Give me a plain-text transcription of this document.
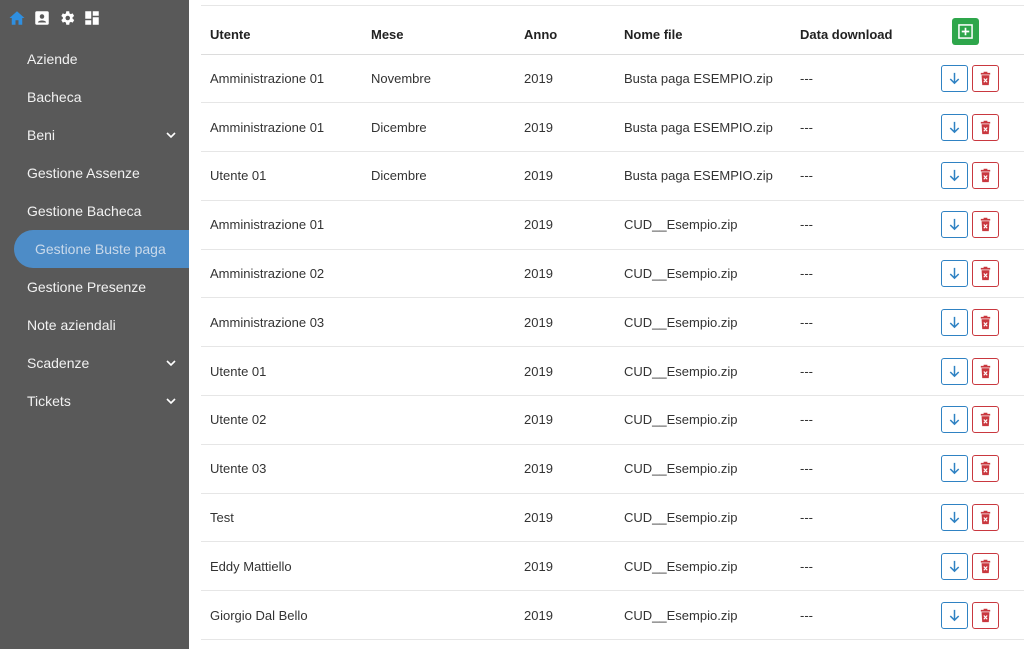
Aziende
Bacheca
Beni
Gestione Assenze
Gestione Bacheca
Gestione Buste paga
Gestione Presenze
Note aziendali
Scadenze
Tickets
Utente	Mese	Anno	Nome file	Data download	

Amministrazione 01	Novembre	2019	Busta paga ESEMPIO.zip	---	

Amministrazione 01	Dicembre	2019	Busta paga ESEMPIO.zip	---	

Utente 01	Dicembre	2019	Busta paga ESEMPIO.zip	---	

Amministrazione 01		2019	CUD__Esempio.zip	---	

Amministrazione 02		2019	CUD__Esempio.zip	---	

Amministrazione 03		2019	CUD__Esempio.zip	---	

Utente 01		2019	CUD__Esempio.zip	---	

Utente 02		2019	CUD__Esempio.zip	---	

Utente 03		2019	CUD__Esempio.zip	---	

Test		2019	CUD__Esempio.zip	---	

Eddy Mattiello		2019	CUD__Esempio.zip	---	

Giorgio Dal Bello		2019	CUD__Esempio.zip	---	
